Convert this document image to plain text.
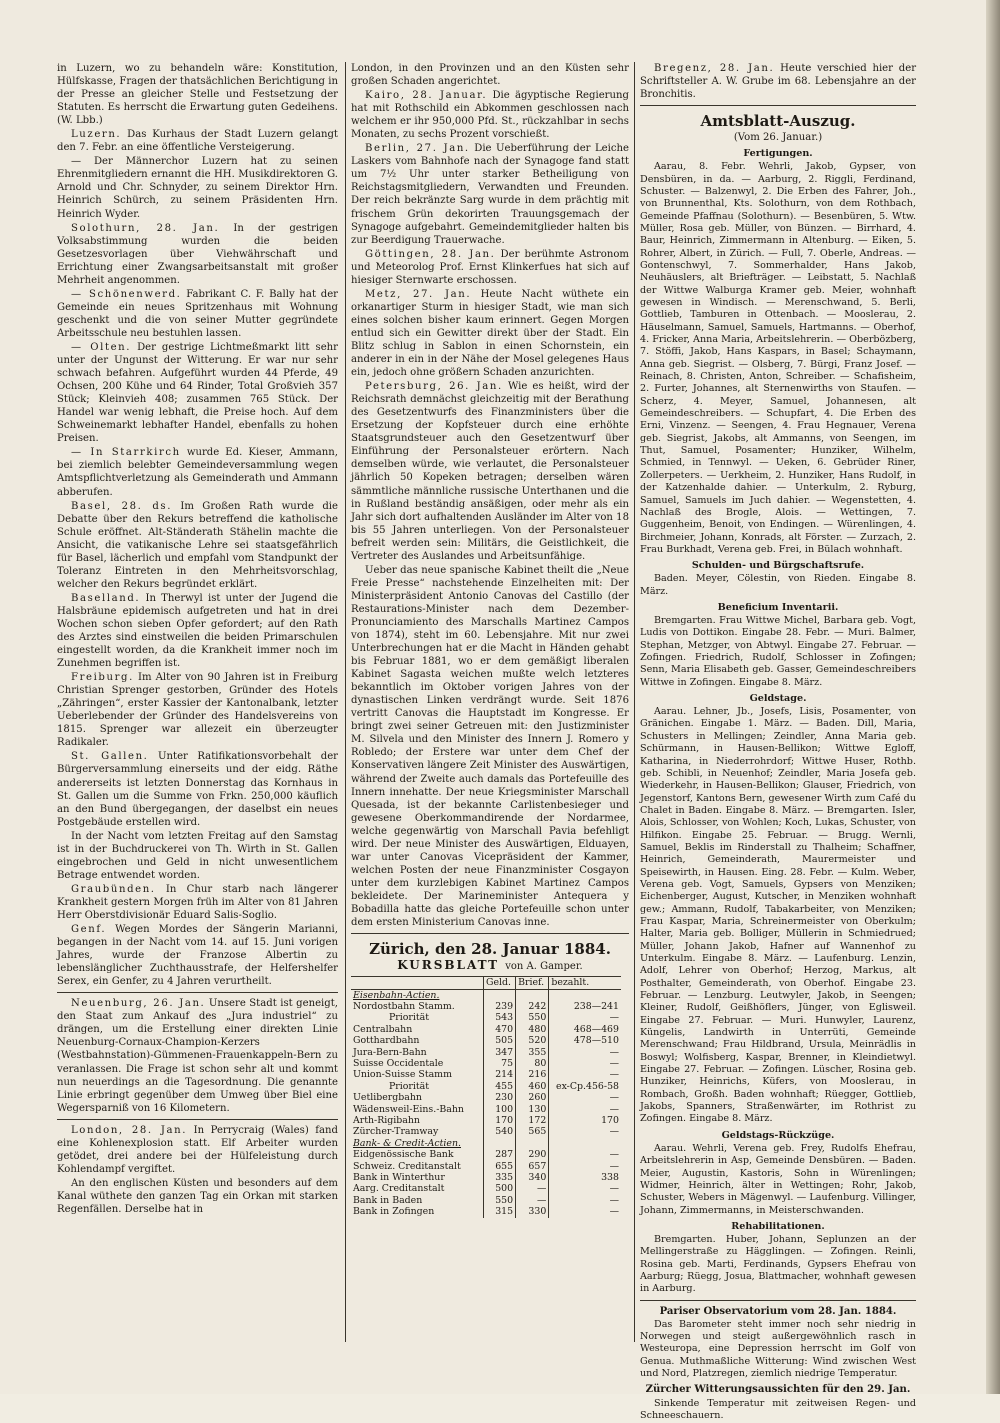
in Luzern, wo zu behandeln wäre: Konstitution, Hülfskasse, Fragen der thatsächlichen Berichtigung in der Presse an gleicher Stelle und Festsetzung der Statuten. Es herrscht die Erwartung guten Gedeihens. (W. Lbb.)

Luzern. Das Kurhaus der Stadt Luzern gelangt den 7. Febr. an eine öffentliche Versteigerung.

— Der Männerchor Luzern hat zu seinen Ehrenmitgliedern ernannt die HH. Musikdirektoren G. Arnold und Chr. Schnyder, zu seinem Direktor Hrn. Heinrich Schürch, zu seinem Präsidenten Hrn. Heinrich Wyder.

Solothurn, 28. Jan. In der gestrigen Volksabstimmung wurden die beiden Gesetzesvorlagen über Viehwährschaft und Errichtung einer Zwangsarbeitsanstalt mit großer Mehrheit angenommen.

— Schönenwerd. Fabrikant C. F. Bally hat der Gemeinde ein neues Spritzenhaus mit Wohnung geschenkt und die von seiner Mutter gegründete Arbeitsschule neu bestuhlen lassen.

— Olten. Der gestrige Lichtmeßmarkt litt sehr unter der Ungunst der Witterung. Er war nur sehr schwach befahren. Aufgeführt wurden 44 Pferde, 49 Ochsen, 200 Kühe und 64 Rinder, Total Großvieh 357 Stück; Kleinvieh 408; zusammen 765 Stück. Der Handel war wenig lebhaft, die Preise hoch. Auf dem Schweinemarkt lebhafter Handel, ebenfalls zu hohen Preisen.

— In Starrkirch wurde Ed. Kieser, Ammann, bei ziemlich belebter Gemeindeversammlung wegen Amtspflichtverletzung als Gemeinderath und Ammann abberufen.

Basel, 28. ds. Im Großen Rath wurde die Debatte über den Rekurs betreffend die katholische Schule eröffnet. Alt-Ständerath Stähelin machte die Ansicht, die vatikanische Lehre sei staatsgefährlich für Basel, lächerlich und empfahl vom Standpunkt der Toleranz Eintreten in den Mehrheitsvorschlag, welcher den Rekurs begründet erklärt.

Baselland. In Therwyl ist unter der Jugend die Halsbräune epidemisch aufgetreten und hat in drei Wochen schon sieben Opfer gefordert; auf den Rath des Arztes sind einstweilen die beiden Primarschulen eingestellt worden, da die Krankheit immer noch im Zunehmen begriffen ist.

Freiburg. Im Alter von 90 Jahren ist in Freiburg Christian Sprenger gestorben, Gründer des Hotels „Zähringen“, erster Kassier der Kantonalbank, letzter Ueberlebender der Gründer des Handelsvereins von 1815. Sprenger war allezeit ein überzeugter Radikaler.

St. Gallen. Unter Ratifikationsvorbehalt der Bürgerversammlung einerseits und der eidg. Räthe andererseits ist letzten Donnerstag das Kornhaus in St. Gallen um die Summe von Frkn. 250,000 käuflich an den Bund übergegangen, der daselbst ein neues Postgebäude erstellen wird.

In der Nacht vom letzten Freitag auf den Samstag ist in der Buchdruckerei von Th. Wirth in St. Gallen eingebrochen und Geld in nicht unwesentlichem Betrage entwendet worden.

Graubünden. In Chur starb nach längerer Krankheit gestern Morgen früh im Alter von 81 Jahren Herr Oberstdivisionär Eduard Salis-Soglio.

Genf. Wegen Mordes der Sängerin Marianni, begangen in der Nacht vom 14. auf 15. Juni vorigen Jahres, wurde der Franzose Albertin zu lebenslänglicher Zuchthausstrafe, der Helfershelfer Serex, ein Genfer, zu 4 Jahren verurtheilt.

Neuenburg, 26. Jan. Unsere Stadt ist geneigt, den Staat zum Ankauf des „Jura industriel“ zu drängen, um die Erstellung einer direkten Linie Neuenburg-Cornaux-Champion-Kerzers (Westbahnstation)-Gümmenen-Frauenkappeln-Bern zu veranlassen. Die Frage ist schon sehr alt und kommt nun neuerdings an die Tagesordnung. Die genannte Linie erbringt gegenüber dem Umweg über Biel eine Wegersparniß von 16 Kilometern.

London, 28. Jan. In Perrycraig (Wales) fand eine Kohlenexplosion statt. Elf Arbeiter wurden getödet, drei andere bei der Hülfeleistung durch Kohlendampf vergiftet.

An den englischen Küsten und besonders auf dem Kanal wüthete den ganzen Tag ein Orkan mit starken Regenfällen. Derselbe hat in

London, in den Provinzen und an den Küsten sehr großen Schaden angerichtet.

Kairo, 28. Januar. Die ägyptische Regierung hat mit Rothschild ein Abkommen geschlossen nach welchem er ihr 950,000 Pfd. St., rückzahlbar in sechs Monaten, zu sechs Prozent vorschießt.

Berlin, 27. Jan. Die Ueberführung der Leiche Laskers vom Bahnhofe nach der Synagoge fand statt um 7½ Uhr unter starker Betheiligung von Reichstagsmitgliedern, Verwandten und Freunden. Der reich bekränzte Sarg wurde in dem prächtig mit frischem Grün dekorirten Trauungsgemach der Synagoge aufgebahrt. Gemeindemitglieder halten bis zur Beerdigung Trauerwache.

Göttingen, 28. Jan. Der berühmte Astronom und Meteorolog Prof. Ernst Klinkerfues hat sich auf hiesiger Sternwarte erschossen.

Metz, 27. Jan. Heute Nacht wüthete ein orkanartiger Sturm in hiesiger Stadt, wie man sich eines solchen bisher kaum erinnert. Gegen Morgen entlud sich ein Gewitter direkt über der Stadt. Ein Blitz schlug in Sablon in einen Schornstein, ein anderer in ein in der Nähe der Mosel gelegenes Haus ein, jedoch ohne größern Schaden anzurichten.

Petersburg, 26. Jan. Wie es heißt, wird der Reichsrath demnächst gleichzeitig mit der Berathung des Gesetzentwurfs des Finanzministers über die Ersetzung der Kopfsteuer durch eine erhöhte Staatsgrundsteuer auch den Gesetzentwurf über Einführung der Personalsteuer erörtern. Nach demselben würde, wie verlautet, die Personalsteuer jährlich 50 Kopeken betragen; derselben wären sämmtliche männliche russische Unterthanen und die in Rußland beständig ansäßigen, oder mehr als ein Jahr sich dort aufhaltenden Ausländer im Alter von 18 bis 55 Jahren unterliegen. Von der Personalsteuer befreit werden sein: Militärs, die Geistlichkeit, die Vertreter des Auslandes und Arbeitsunfähige.

Ueber das neue spanische Kabinet theilt die „Neue Freie Presse“ nachstehende Einzelheiten mit: Der Ministerpräsident Antonio Canovas del Castillo (der Restaurations-Minister nach dem Dezember-Pronunciamiento des Marschalls Martinez Campos von 1874), steht im 60. Lebensjahre. Mit nur zwei Unterbrechungen hat er die Macht in Händen gehabt bis Februar 1881, wo er dem gemäßigt liberalen Kabinet Sagasta weichen mußte welch letzteres bekanntlich im Oktober vorigen Jahres von der dynastischen Linken verdrängt wurde. Seit 1876 vertritt Canovas die Hauptstadt im Kongresse. Er bringt zwei seiner Getreuen mit: den Justizminister M. Silvela und den Minister des Innern J. Romero y Robledo; der Erstere war unter dem Chef der Konservativen längere Zeit Minister des Auswärtigen, während der Zweite auch damals das Portefeuille des Innern innehatte. Der neue Kriegsminister Marschall Quesada, ist der bekannte Carlistenbesieger und gewesene Oberkommandirende der Nordarmee, welche gegenwärtig von Marschall Pavia befehligt wird. Der neue Minister des Auswärtigen, Elduayen, war unter Canovas Vicepräsident der Kammer, welchen Posten der neue Finanzminister Cosgayon unter dem kurzlebigen Kabinet Martinez Campos bekleidete. Der Marineminister Antequera y Bobadilla hatte das gleiche Portefeuille schon unter dem ersten Ministerium Canovas inne.

Zürich, den 28. Januar 1884.
KURSBLATT von A. Gamper.
	Geld.	Brief.	bezahlt.
Eisenbahn-Actien.			
Nordostbahn Stamm.	239	242	238—241
Priorität	543	550	—
Centralbahn	470	480	468—469
Gotthardbahn	505	520	478—510
Jura-Bern-Bahn	347	355	—
Suisse Occidentale	75	80	—
Union-Suisse Stamm	214	216	—
Priorität	455	460	ex-Cp.456-58
Uetlibergbahn	230	260	—
Wädensweil-Eins.-Bahn	100	130	—
Arth-Rigibahn	170	172	170
Zürcher-Tramway	540	565	—
Bank- & Credit-Actien.			
Eidgenössische Bank	287	290	—
Schweiz. Creditanstalt	655	657	—
Bank in Winterthur	335	340	338
Aarg. Creditanstalt	500	—	—
Bank in Baden	550	—	—
Bank in Zofingen	315	330	—

Bregenz, 28. Jan. Heute verschied hier der Schriftsteller A. W. Grube im 68. Lebensjahre an der Bronchitis.

Amtsblatt-Auszug.
(Vom 26. Januar.)
Fertigungen.

Aarau, 8. Febr. Wehrli, Jakob, Gypser, von Densbüren, in da. — Aarburg, 2. Riggli, Ferdinand, Schuster. — Balzenwyl, 2. Die Erben des Fahrer, Joh., von Brunnenthal, Kts. Solothurn, von dem Rothbach, Gemeinde Pfaffnau (Solothurn). — Besenbüren, 5. Wtw. Müller, Rosa geb. Müller, von Bünzen. — Birrhard, 4. Baur, Heinrich, Zimmermann in Altenburg. — Eiken, 5. Rohrer, Albert, in Zürich. — Full, 7. Oberle, Andreas. — Gontenschwyl, 7. Sommerhalder, Hans Jakob, Neuhäuslers, alt Briefträger. — Leibstatt, 5. Nachlaß der Wittwe Walburga Kramer geb. Meier, wohnhaft gewesen in Windisch. — Merenschwand, 5. Berli, Gottlieb, Tamburen in Ottenbach. — Mooslerau, 2. Häuselmann, Samuel, Samuels, Hartmanns. — Oberhof, 4. Fricker, Anna Maria, Arbeitslehrerin. — Oberbözberg, 7. Stöffi, Jakob, Hans Kaspars, in Basel; Schaymann, Anna geb. Siegrist. — Olsberg, 7. Bürgi, Franz Josef. — Reinach, 8. Christen, Anton, Schreiber. — Schafisheim, 2. Furter, Johannes, alt Sternenwirths von Staufen. — Scherz, 4. Meyer, Samuel, Johannesen, alt Gemeindeschreibers. — Schupfart, 4. Die Erben des Erni, Vinzenz. — Seengen, 4. Frau Hegnauer, Verena geb. Siegrist, Jakobs, alt Ammanns, von Seengen, im Thut, Samuel, Posamenter; Hunziker, Wilhelm, Schmied, in Tennwyl. — Ueken, 6. Gebrüder Riner, Zollerpeters. — Uerkheim, 2. Hunziker, Hans Rudolf, in der Katzenhalde dahier. — Unterkulm, 2. Ryburg, Samuel, Samuels im Juch dahier. — Wegenstetten, 4. Nachlaß des Brogle, Alois. — Wettingen, 7. Guggenheim, Benoit, von Endingen. — Würenlingen, 4. Birchmeier, Johann, Konrads, alt Förster. — Zurzach, 2. Frau Burkhadt, Verena geb. Frei, in Bülach wohnhaft.

Schulden- und Bürgschaftsrufe.

Baden. Meyer, Cölestin, von Rieden. Eingabe 8. März.

Beneficium Inventarii.

Bremgarten. Frau Wittwe Michel, Barbara geb. Vogt, Ludis von Dottikon. Eingabe 28. Febr. — Muri. Balmer, Stephan, Metzger, von Abtwyl. Eingabe 27. Februar. — Zofingen. Friedrich, Rudolf, Schlosser in Zofingen; Senn, Maria Elisabeth geb. Gasser, Gemeindeschreibers Wittwe in Zofingen. Eingabe 8. März.

Geldstage.

Aarau. Lehner, Jb., Josefs, Lisis, Posamenter, von Gränichen. Eingabe 1. März. — Baden. Dill, Maria, Schusters in Mellingen; Zeindler, Anna Maria geb. Schürmann, in Hausen-Bellikon; Wittwe Egloff, Katharina, in Niederrohrdorf; Wittwe Huser, Rothb. geb. Schibli, in Neuenhof; Zeindler, Maria Josefa geb. Wiederkehr, in Hausen-Bellikon; Glauser, Friedrich, von Jegenstorf, Kantons Bern, gewesener Wirth zum Café du Chalet in Baden. Eingabe 8. März. — Bremgarten. Isler, Alois, Schlosser, von Wohlen; Koch, Lukas, Schuster, von Hilfikon. Eingabe 25. Februar. — Brugg. Wernli, Samuel, Beklis im Rinderstall zu Thalheim; Schaffner, Heinrich, Gemeinderath, Maurermeister und Speisewirth, in Hausen. Eing. 28. Febr. — Kulm. Weber, Verena geb. Vogt, Samuels, Gypsers von Menziken; Eichenberger, August, Kutscher, in Menziken wohnhaft gew.; Ammann, Rudolf, Tabakarbeiter, von Menziken; Frau Kaspar, Maria, Schreinermeister von Oberkulm; Halter, Maria geb. Bolliger, Müllerin in Schmiedrued; Müller, Johann Jakob, Hafner auf Wannenhof zu Unterkulm. Eingabe 8. März. — Laufenburg. Lenzin, Adolf, Lehrer von Oberhof; Herzog, Markus, alt Posthalter, Gemeinderath, von Oberhof. Eingabe 23. Februar. — Lenzburg. Leutwyler, Jakob, in Seengen; Kleiner, Rudolf, Geißhöflers, Jünger, von Eglisweil. Eingabe 27. Februar. — Muri. Hunwyler, Laurenz, Küngelis, Landwirth in Unterrüti, Gemeinde Merenschwand; Frau Hildbrand, Ursula, Meinrädlis in Boswyl; Wolfisberg, Kaspar, Brenner, in Kleindietwyl. Eingabe 27. Februar. — Zofingen. Lüscher, Rosina geb. Hunziker, Heinrichs, Küfers, von Mooslerau, in Rombach, Großh. Baden wohnhaft; Rüegger, Gottlieb, Jakobs, Spanners, Straßenwärter, im Rothrist zu Zofingen. Eingabe 8. März.

Geldstags-Rückzüge.

Aarau. Wehrli, Verena geb. Frey, Rudolfs Ehefrau, Arbeitslehrerin in Asp, Gemeinde Densbüren. — Baden. Meier, Augustin, Kastoris, Sohn in Würenlingen; Widmer, Heinrich, älter in Wettingen; Rohr, Jakob, Schuster, Webers in Mägenwyl. — Laufenburg. Villinger, Johann, Zimmermanns, in Meisterschwanden.

Rehabilitationen.

Bremgarten. Huber, Johann, Seplunzen an der Mellingerstraße zu Hägglingen. — Zofingen. Reinli, Rosina geb. Marti, Ferdinands, Gypsers Ehefrau von Aarburg; Rüegg, Josua, Blattmacher, wohnhaft gewesen in Aarburg.

Pariser Observatorium vom 28. Jan. 1884.

Das Barometer steht immer noch sehr niedrig in Norwegen und steigt außergewöhnlich rasch in Westeuropa, eine Depression herrscht im Golf von Genua. Muthmaßliche Witterung: Wind zwischen West und Nord, Platzregen, ziemlich niedrige Temperatur.

Zürcher Witterungsaussichten für den 29. Jan.

Sinkende Temperatur mit zeitweisen Regen- und Schneeschauern.
